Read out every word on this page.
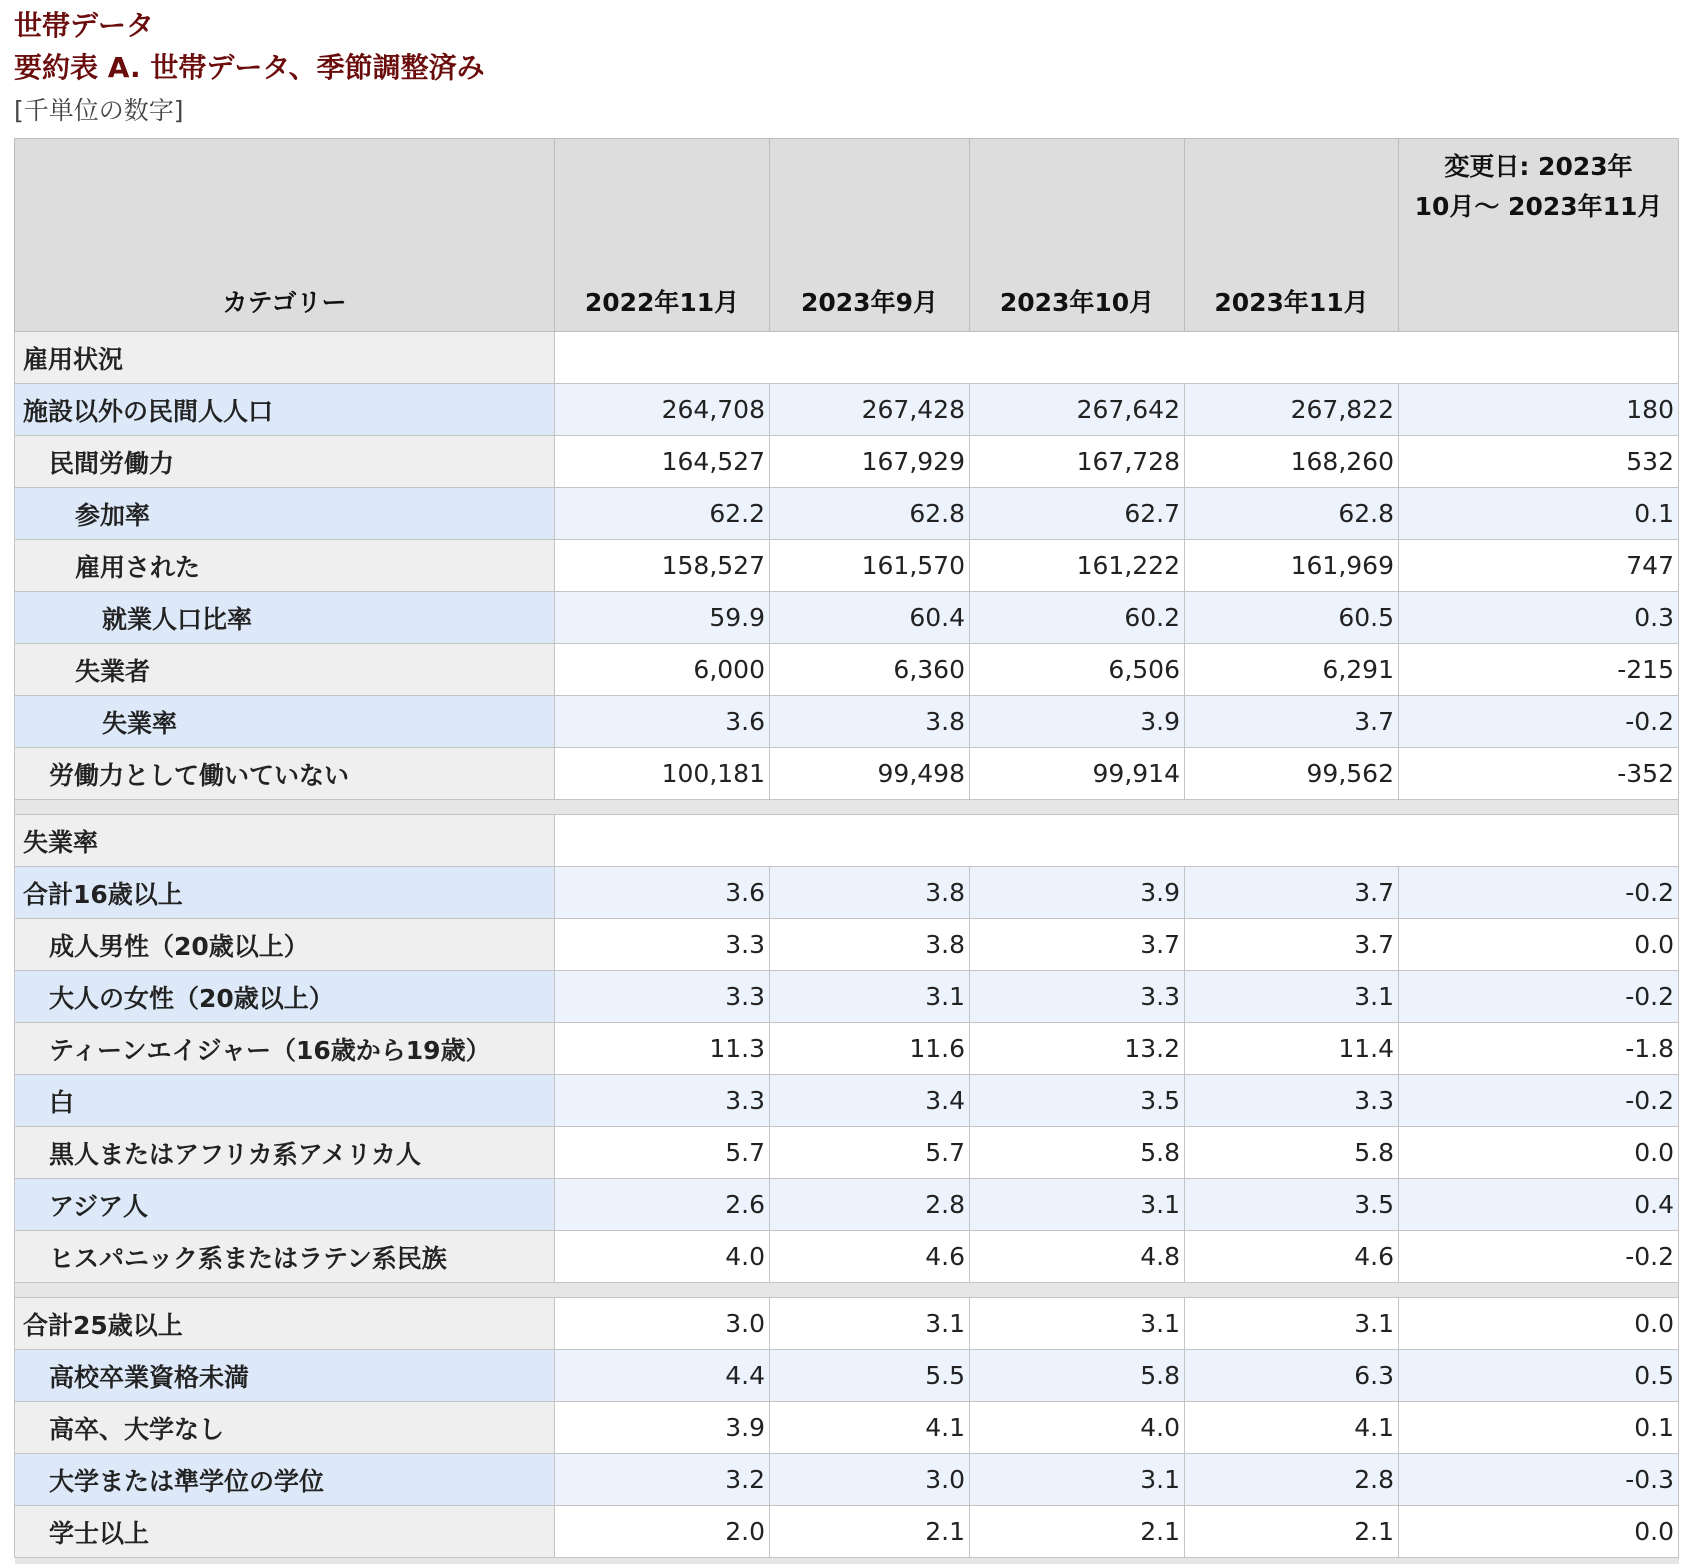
世帯データ
要約表 A. 世帯データ、季節調整済み
[千単位の数字]
カテゴリー	2022年11月	2023年9月	2023年10月	2023年11月	変更日: 2023年
10月～ 2023年11月
雇用状況					
施設以外の民間人人口	264,708	267,428	267,642	267,822	180
民間労働力	164,527	167,929	167,728	168,260	532
参加率	62.2	62.8	62.7	62.8	0.1
雇用された	158,527	161,570	161,222	161,969	747
就業人口比率	59.9	60.4	60.2	60.5	0.3
失業者	6,000	6,360	6,506	6,291	-215
失業率	3.6	3.8	3.9	3.7	-0.2
労働力として働いていない	100,181	99,498	99,914	99,562	-352

失業率					
合計16歳以上	3.6	3.8	3.9	3.7	-0.2
成人男性（20歳以上）	3.3	3.8	3.7	3.7	0.0
大人の女性（20歳以上）	3.3	3.1	3.3	3.1	-0.2
ティーンエイジャー（16歳から19歳）	11.3	11.6	13.2	11.4	-1.8
白	3.3	3.4	3.5	3.3	-0.2
黒人またはアフリカ系アメリカ人	5.7	5.7	5.8	5.8	0.0
アジア人	2.6	2.8	3.1	3.5	0.4
ヒスパニック系またはラテン系民族	4.0	4.6	4.8	4.6	-0.2

合計25歳以上	3.0	3.1	3.1	3.1	0.0
高校卒業資格未満	4.4	5.5	5.8	6.3	0.5
高卒、大学なし	3.9	4.1	4.0	4.1	0.1
大学または準学位の学位	3.2	3.0	3.1	2.8	-0.3
学士以上	2.0	2.1	2.1	2.1	0.0
